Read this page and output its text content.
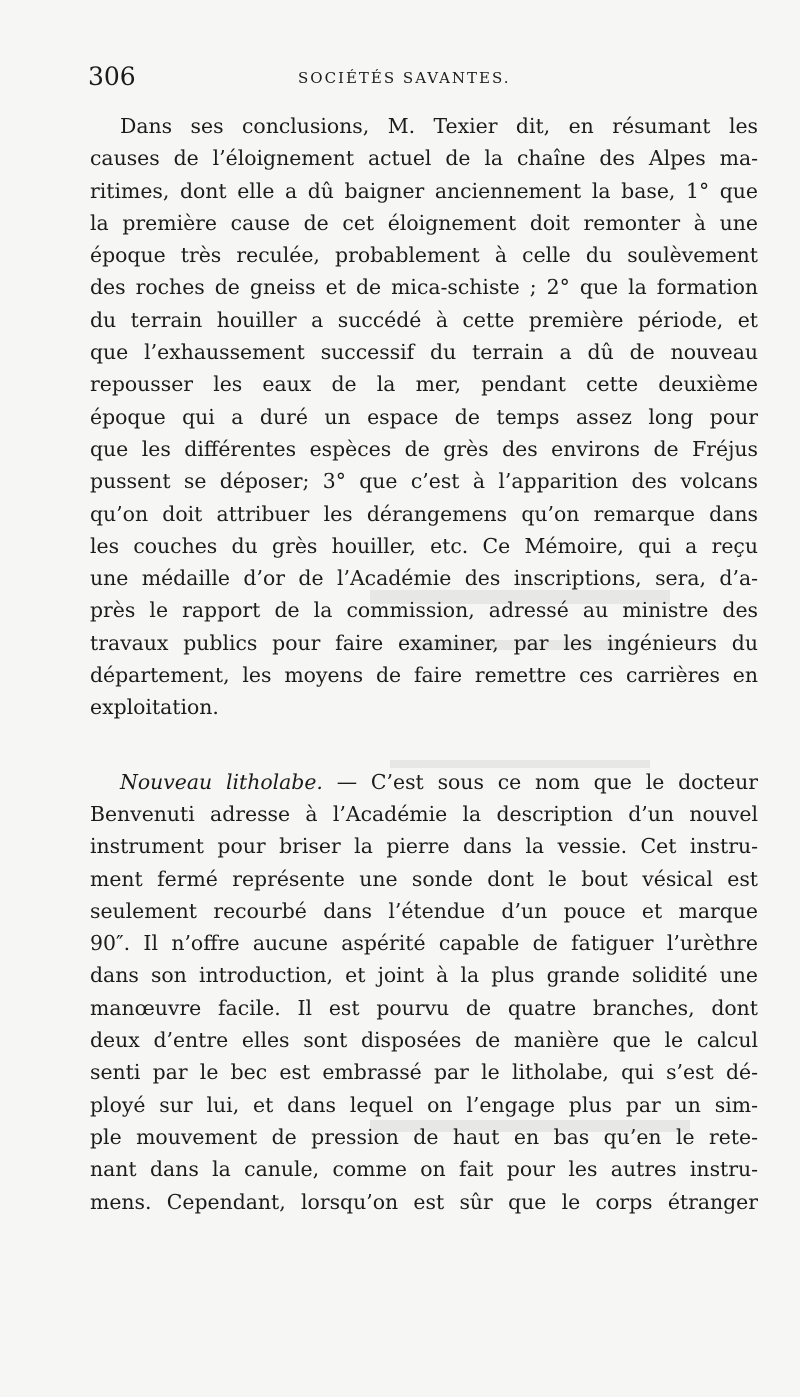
306	SOCIÉTÉS SAVANTES.
Dans ses conclusions, M. Texier dit, en résumant les
causes de l’éloignement actuel de la chaîne des Alpes ma-
ritimes, dont elle a dû baigner anciennement la base, 1° que
la première cause de cet éloignement doit remonter à une
époque très reculée, probablement à celle du soulèvement
des roches de gneiss et de mica-schiste ; 2° que la formation
du terrain houiller a succédé à cette première période, et
que l’exhaussement successif du terrain a dû de nouveau
repousser les eaux de la mer, pendant cette deuxième
époque qui a duré un espace de temps assez long pour
que les différentes espèces de grès des environs de Fréjus
pussent se déposer; 3° que c’est à l’apparition des volcans
qu’on doit attribuer les dérangemens qu’on remarque dans
les couches du grès houiller, etc. Ce Mémoire, qui a reçu
une médaille d’or de l’Académie des inscriptions, sera, d’a-
près le rapport de la commission, adressé au ministre des
travaux publics pour faire examiner, par les ingénieurs du
département, les moyens de faire remettre ces carrières en
exploitation.
Nouveau litholabe. — C’est sous ce nom que le docteur
Benvenuti adresse à l’Académie la description d’un nouvel
instrument pour briser la pierre dans la vessie. Cet instru-
ment fermé représente une sonde dont le bout vésical est
seulement recourbé dans l’étendue d’un pouce et marque
90″. Il n’offre aucune aspérité capable de fatiguer l’urèthre
dans son introduction, et joint à la plus grande solidité une
manœuvre facile. Il est pourvu de quatre branches, dont
deux d’entre elles sont disposées de manière que le calcul
senti par le bec est embrassé par le litholabe, qui s’est dé-
ployé sur lui, et dans lequel on l’engage plus par un sim-
ple mouvement de pression de haut en bas qu’en le rete-
nant dans la canule, comme on fait pour les autres instru-
mens. Cependant, lorsqu’on est sûr que le corps étranger
